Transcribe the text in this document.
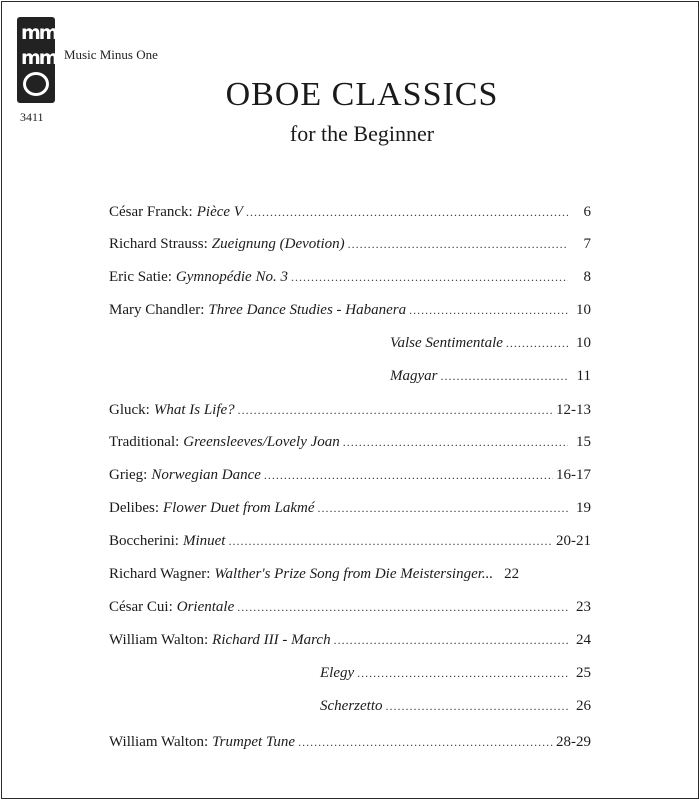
mm
mm Music Minus One
3411
OBOE CLASSICS
for the Beginner
César Franck: Pièce V .....	6
Richard Strauss: Zueignung (Devotion) .....	7
Eric Satie: Gymnopédie No. 3 .....	8
Mary Chandler: Three Dance Studies - Habanera .....	10
Valse Sentimentale .....	10
Magyar .....	11
Gluck: What Is Life? .....	12-13
Traditional: Greensleeves/Lovely Joan .....	15
Grieg: Norwegian Dance .....	16-17
Delibes: Flower Duet from Lakmé .....	19
Boccherini: Minuet .....	20-21
Richard Wagner: Walther's Prize Song from Die Meistersinger... 22
César Cui: Orientale .....	23
William Walton: Richard III - March .....	24
Elegy .....	25
Scherzetto .....	26
William Walton: Trumpet Tune .....	28-29
